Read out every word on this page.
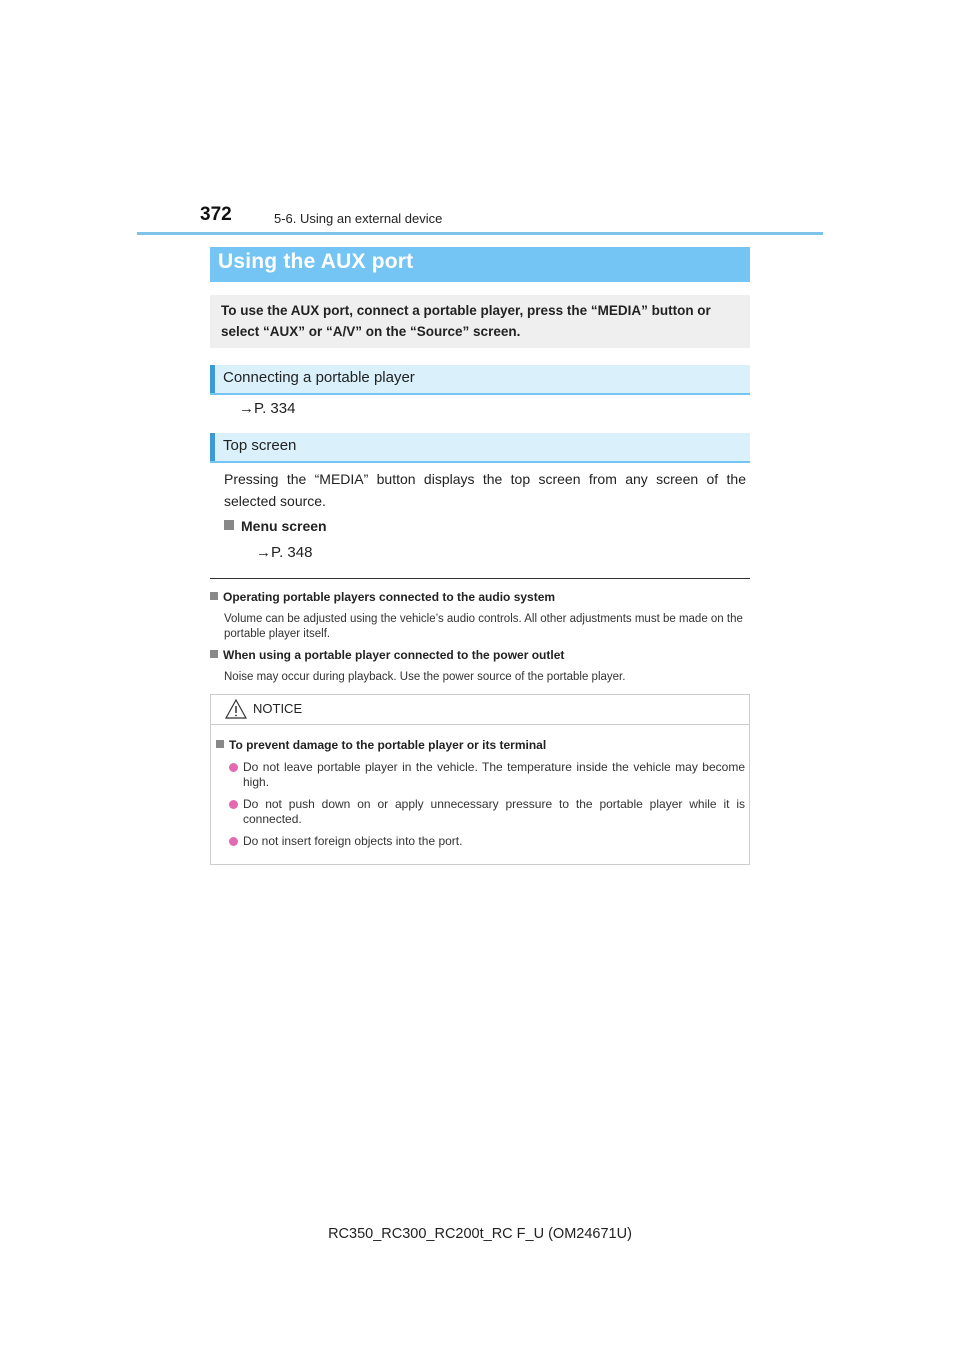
372	5-6. Using an external device
Using the AUX port

To use the AUX port, connect a portable player, press the “MEDIA” button or select “AUX” or “A/V” on the “Source” screen.

Connecting a portable player
→P. 334
Top screen

Pressing the “MEDIA” button displays the top screen from any screen of the selected source.

Menu screen
→P. 348
Operating portable players connected to the audio system

Volume can be adjusted using the vehicle’s audio controls. All other adjustments must be made on the portable player itself.

When using a portable player connected to the power outlet

Noise may occur during playback. Use the power source of the portable player.

NOTICE
To prevent damage to the portable player or its terminal

Do not leave portable player in the vehicle. The temperature inside the vehicle may become high.

Do not push down on or apply unnecessary pressure to the portable player while it is connected.

Do not insert foreign objects into the port.

RC350_RC300_RC200t_RC F_U (OM24671U)
